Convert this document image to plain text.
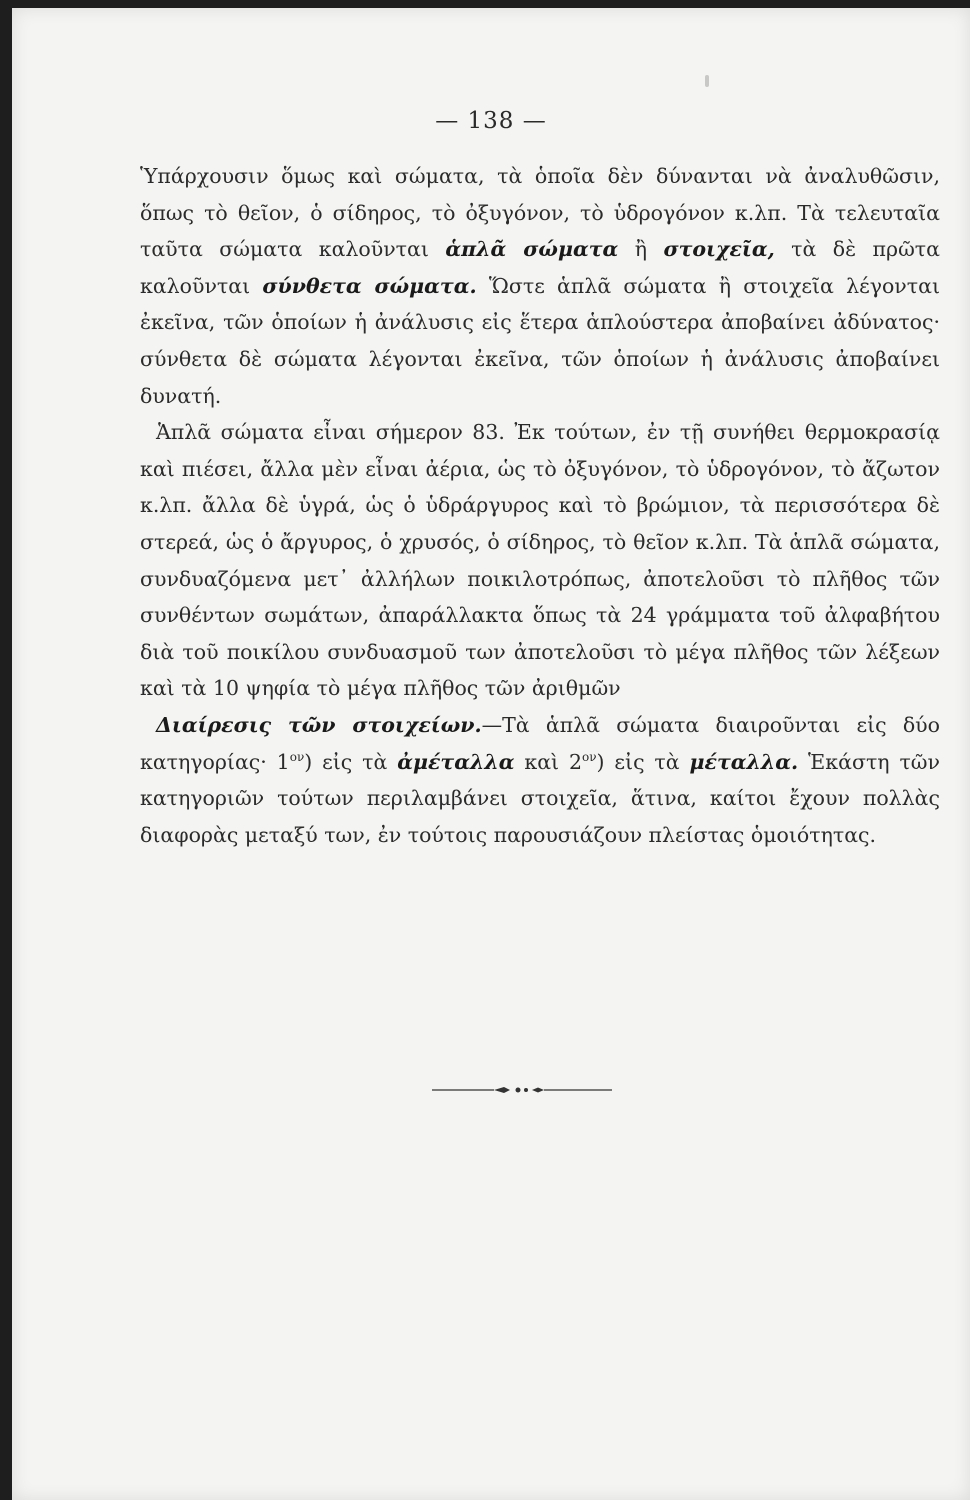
— 138 —

Ὑπάρχουσιν ὅμως καὶ σώματα, τὰ ὁποῖα δὲν δύνανται νὰ ἀναλυθῶσιν, ὅπως τὸ θεῖον, ὁ σίδηρος, τὸ ὀξυγόνον, τὸ ὑδρογόνον κ.λπ. Τὰ τελευταῖα ταῦτα σώματα καλοῦνται ἁπλᾶ σώματα ἢ στοιχεῖα, τὰ δὲ πρῶτα καλοῦνται σύνθετα σώματα. Ὥστε ἁπλᾶ σώματα ἢ στοιχεῖα λέγονται ἐκεῖνα, τῶν ὁποίων ἡ ἀνάλυσις εἰς ἕτερα ἁπλούστερα ἀποβαίνει ἀδύνατος· σύνθετα δὲ σώματα λέγονται ἐκεῖνα, τῶν ὁποίων ἡ ἀνάλυσις ἀποβαίνει δυνατή.

Ἁπλᾶ σώματα εἶναι σήμερον 83. Ἐκ τούτων, ἐν τῇ συνήθει θερμοκρασίᾳ καὶ πιέσει, ἄλλα μὲν εἶναι ἀέρια, ὡς τὸ ὀξυγόνον, τὸ ὑδρογόνον, τὸ ἄζωτον κ.λπ. ἄλλα δὲ ὑγρά, ὡς ὁ ὑδράργυρος καὶ τὸ βρώμιον, τὰ περισσότερα δὲ στερεά, ὡς ὁ ἄργυρος, ὁ χρυσός, ὁ σίδηρος, τὸ θεῖον κ.λπ. Τὰ ἁπλᾶ σώματα, συνδυαζόμενα μετ᾽ ἀλλήλων ποικιλοτρόπως, ἀποτελοῦσι τὸ πλῆθος τῶν συνθέντων σωμάτων, ἀπαράλλακτα ὅπως τὰ 24 γράμματα τοῦ ἀλφαβήτου διὰ τοῦ ποικίλου συνδυασμοῦ των ἀποτελοῦσι τὸ μέγα πλῆθος τῶν λέξεων καὶ τὰ 10 ψηφία τὸ μέγα πλῆθος τῶν ἀριθμῶν

Διαίρεσις τῶν στοιχείων.—Τὰ ἁπλᾶ σώματα διαιροῦνται εἰς δύο $\kappa\alpha\tau\eta\gamma o\rho ί\alpha\varsigma\cdot 1^{o\nu}$) εἰς τὰ ἀμέταλλα καὶ $2^{o\nu}$) εἰς τὰ μέταλλα. Ἑκάστη τῶν κατηγοριῶν τούτων περιλαμβάνει στοιχεῖα, ἅτινα, καίτοι ἔχουν πολλὰς διαφορὰς μεταξύ των, ἐν τούτοις παρουσιάζουν πλείστας ὁμοιότητας.
